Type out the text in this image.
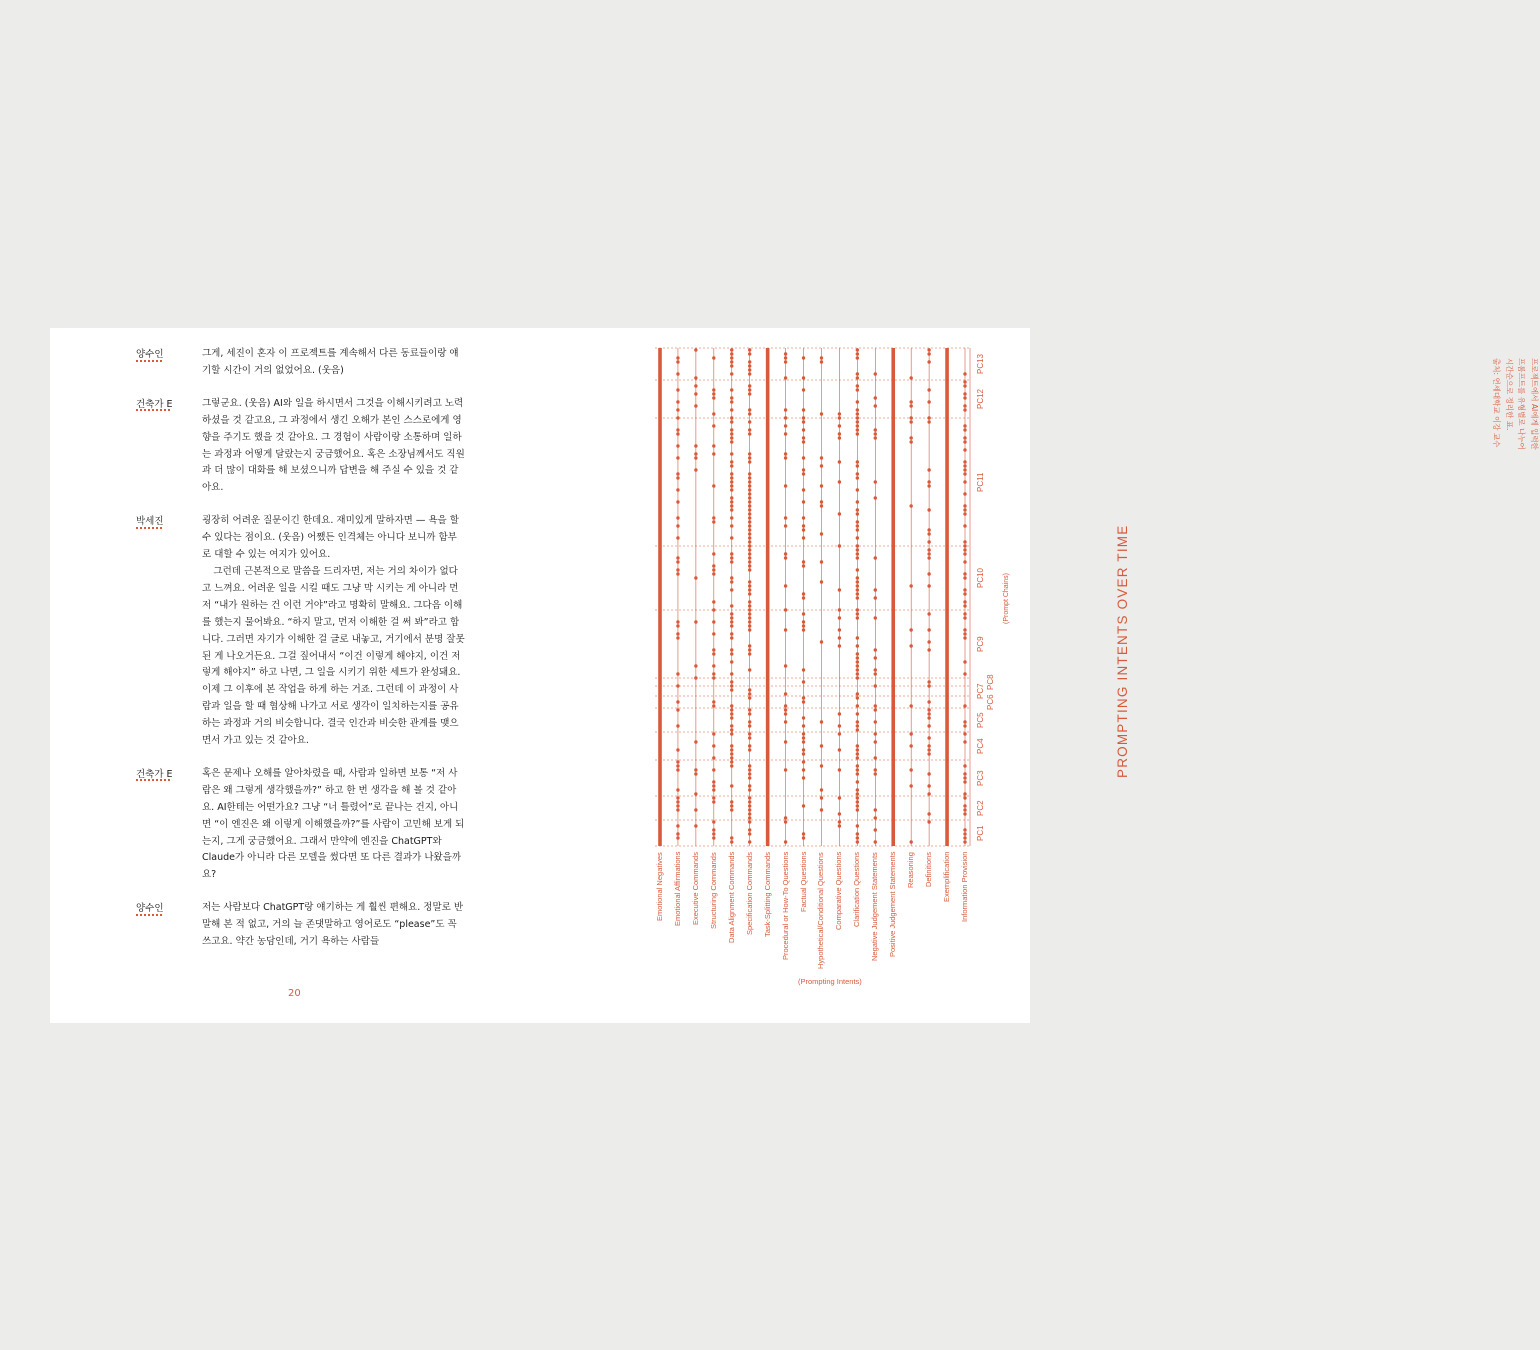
양수인	그게, 세진이 혼자 이 프로젝트를 계속해서 다른 동료들이랑 얘기할 시간이 거의 없었어요. (웃음)

건축가 E	그렇군요. (웃음) AI와 일을 하시면서 그것을 이해시키려고 노력하셨을 것 같고요, 그 과정에서 생긴 오해가 본인 스스로에게 영향을 주기도 했을 것 같아요. 그 경험이 사람이랑 소통하며 일하는 과정과 어떻게 달랐는지 궁금했어요. 혹은 소장님께서도 직원과 더 많이 대화를 해 보셨으니까 답변을 해 주실 수 있을 것 같아요.

박세진	굉장히 어려운 질문이긴 한데요. 재미있게 말하자면 — 욕을 할 수 있다는 점이요. (웃음) 어쨌든 인격체는 아니다 보니까 함부로 대할 수 있는 여지가 있어요.

그런데 근본적으로 말씀을 드리자면, 저는 거의 차이가 없다고 느껴요. 어려운 일을 시킬 때도 그냥 막 시키는 게 아니라 먼저 “내가 원하는 건 이런 거야”라고 명확히 말해요. 그다음 이해를 했는지 물어봐요. “하지 말고, 먼저 이해한 걸 써 봐”라고 합니다. 그러면 자기가 이해한 걸 글로 내놓고, 거기에서 분명 잘못된 게 나오거든요. 그걸 짚어내서 “이건 이렇게 해야지, 이건 저렇게 해야지” 하고 나면, 그 일을 시키기 위한 세트가 완성돼요. 이제 그 이후에 본 작업을 하게 하는 거죠. 그런데 이 과정이 사람과 일을 할 때 협상해 나가고 서로 생각이 일치하는지를 공유하는 과정과 거의 비슷합니다. 결국 인간과 비슷한 관계를 맺으면서 가고 있는 것 같아요.

건축가 E	혹은 문제나 오해를 알아차렸을 때, 사람과 일하면 보통 “저 사람은 왜 그렇게 생각했을까?” 하고 한 번 생각을 해 볼 것 같아요. AI한테는 어떤가요? 그냥 “너 틀렸어”로 끝나는 건지, 아니면 “이 엔진은 왜 이렇게 이해했을까?”를 사람이 고민해 보게 되는지, 그게 궁금했어요. 그래서 만약에 엔진을 ChatGPT와 Claude가 아니라 다른 모델을 썼다면 또 다른 결과가 나왔을까요?

양수인	저는 사람보다 ChatGPT랑 얘기하는 게 훨씬 편해요. 정말로 반말해 본 적 없고, 거의 늘 존댓말하고 영어로도 “please”도 꼭 쓰고요. 약간 농담인데, 거기 욕하는 사람들

20
PROMPTING INTENTS OVER TIME
Emotional Negatives Emotional Affirmations Executive Commands Structuring Commands Data Alignment Commands Specification Commands Task-Splitting Commands Procedural or How-To Questions Factual Questions Hypothetical/Conditional Questions Comparative Questions Clarification Questions Negative Judgement Statements Positive Judgement Statements Reasoning Definitions Exemplification Information Provision
PC1
PC2
PC3
PC4
PC5
PC6
PC7
PC8
PC9
PC10
PC11
PC12
PC13
(Prompting Intents)
(Prompt Chains)
프로젝트에서 AI에게 입력한
프롬프트를 유형별로 나누어
시간순으로 정리한 표.
출처: 연세대학교 이강 교수
